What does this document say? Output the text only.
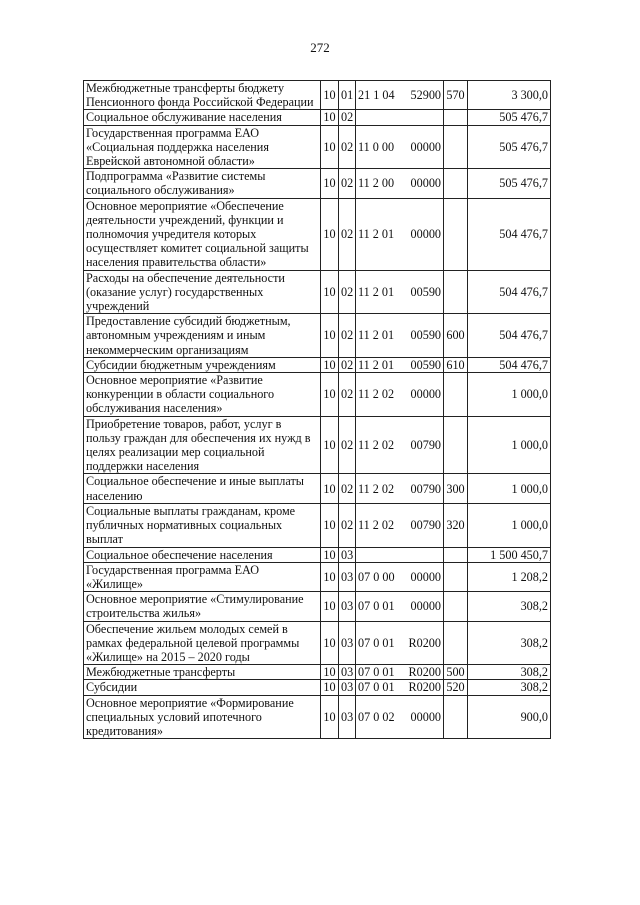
272
Межбюджетные трансферты бюджету Пенсионного фонда Российской Федерации	10	01	21 1 04 52900	570	3 300,0
Социальное обслуживание населения	10	02			505 476,7
Государственная программа ЕАО «Социальная поддержка населения Еврейской автономной области»	10	02	11 0 00 00000		505 476,7
Подпрограмма «Развитие системы социального обслуживания»	10	02	11 2 00 00000		505 476,7
Основное мероприятие «Обеспечение деятельности учреждений, функции и полномочия учредителя которых осуществляет комитет социальной защиты населения правительства области»	10	02	11 2 01 00000		504 476,7
Расходы на обеспечение деятельности (оказание услуг) государственных учреждений	10	02	11 2 01 00590		504 476,7
Предоставление субсидий бюджетным, автономным учреждениям и иным некоммерческим организациям	10	02	11 2 01 00590	600	504 476,7
Субсидии бюджетным учреждениям	10	02	11 2 01 00590	610	504 476,7
Основное мероприятие «Развитие конкуренции в области социального обслуживания населения»	10	02	11 2 02 00000		1 000,0
Приобретение товаров, работ, услуг в пользу граждан для обеспечения их нужд в целях реализации мер социальной поддержки населения	10	02	11 2 02 00790		1 000,0
Социальное обеспечение и иные выплаты населению	10	02	11 2 02 00790	300	1 000,0
Социальные выплаты гражданам, кроме публичных нормативных социальных выплат	10	02	11 2 02 00790	320	1 000,0
Социальное обеспечение населения	10	03			1 500 450,7
Государственная программа ЕАО «Жилище»	10	03	07 0 00 00000		1 208,2
Основное мероприятие «Стимулирование строительства жилья»	10	03	07 0 01 00000		308,2
Обеспечение жильем молодых семей в рамках федеральной целевой программы «Жилище» на 2015 – 2020 годы	10	03	07 0 01 R0200		308,2
Межбюджетные трансферты	10	03	07 0 01 R0200	500	308,2
Субсидии	10	03	07 0 01 R0200	520	308,2
Основное мероприятие «Формирование специальных условий ипотечного кредитования»	10	03	07 0 02 00000		900,0
